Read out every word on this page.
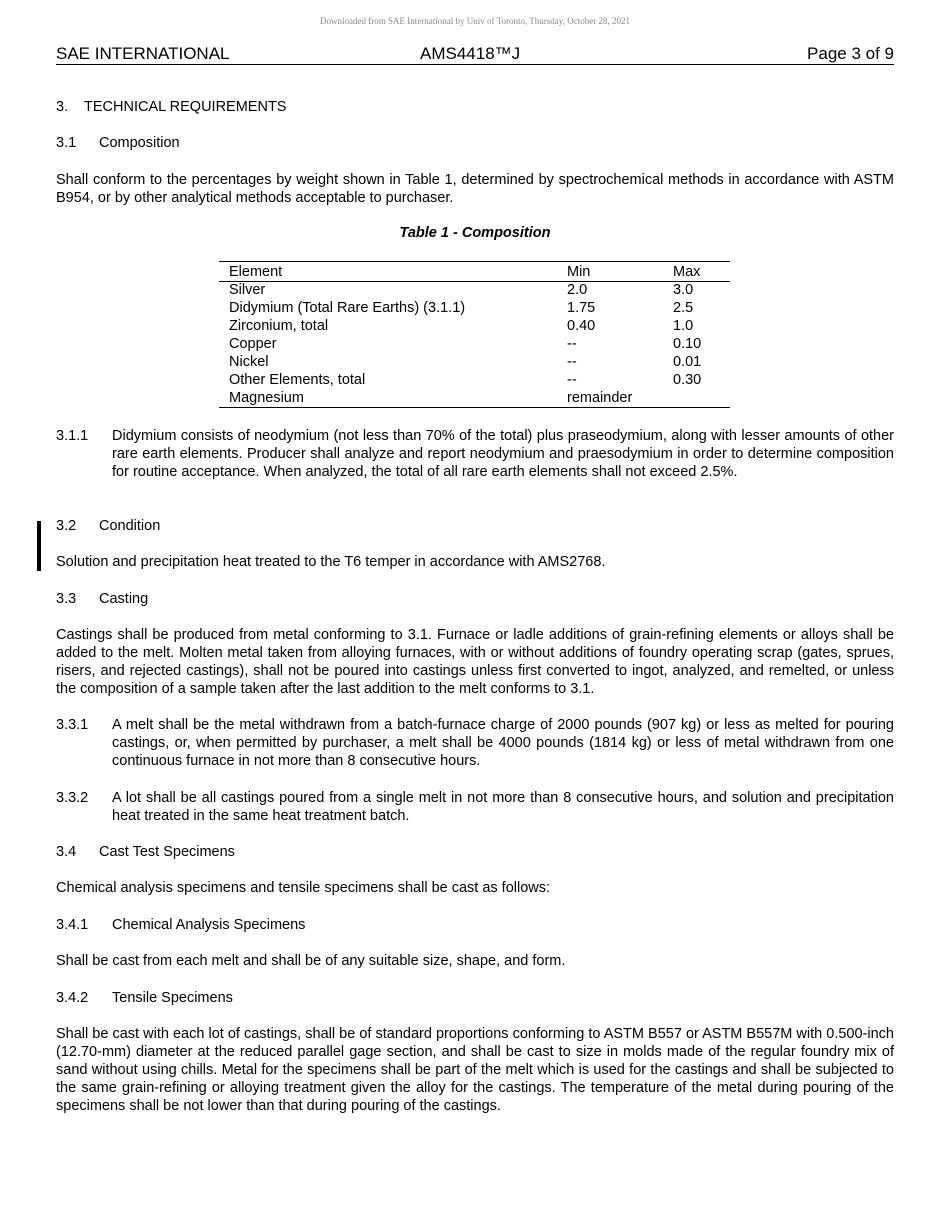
Downloaded from SAE International by Univ of Toronto, Thursday, October 28, 2021
SAE INTERNATIONAL	AMS4418™J	Page 3 of 9
3. TECHNICAL REQUIREMENTS
3.1 Composition
Shall conform to the percentages by weight shown in Table 1, determined by spectrochemical methods in accordance with ASTM B954, or by other analytical methods acceptable to purchaser.
Table 1 - Composition
Element	Min	Max
Silver	2.0	3.0
Didymium (Total Rare Earths) (3.1.1)	1.75	2.5
Zirconium, total	0.40	1.0
Copper	--	0.10
Nickel	--	0.01
Other Elements, total	--	0.30
Magnesium	remainder	
3.1.1 Didymium consists of neodymium (not less than 70% of the total) plus praseodymium, along with lesser amounts of other rare earth elements. Producer shall analyze and report neodymium and praesodymium in order to determine composition for routine acceptance. When analyzed, the total of all rare earth elements shall not exceed 2.5%.
3.2 Condition
Solution and precipitation heat treated to the T6 temper in accordance with AMS2768.
3.3 Casting
Castings shall be produced from metal conforming to 3.1. Furnace or ladle additions of grain-refining elements or alloys shall be added to the melt. Molten metal taken from alloying furnaces, with or without additions of foundry operating scrap (gates, sprues, risers, and rejected castings), shall not be poured into castings unless first converted to ingot, analyzed, and remelted, or unless the composition of a sample taken after the last addition to the melt conforms to 3.1.
3.3.1 A melt shall be the metal withdrawn from a batch-furnace charge of 2000 pounds (907 kg) or less as melted for pouring castings, or, when permitted by purchaser, a melt shall be 4000 pounds (1814 kg) or less of metal withdrawn from one continuous furnace in not more than 8 consecutive hours.
3.3.2 A lot shall be all castings poured from a single melt in not more than 8 consecutive hours, and solution and precipitation heat treated in the same heat treatment batch.
3.4 Cast Test Specimens
Chemical analysis specimens and tensile specimens shall be cast as follows:
3.4.1 Chemical Analysis Specimens
Shall be cast from each melt and shall be of any suitable size, shape, and form.
3.4.2 Tensile Specimens
Shall be cast with each lot of castings, shall be of standard proportions conforming to ASTM B557 or ASTM B557M with 0.500-inch (12.70-mm) diameter at the reduced parallel gage section, and shall be cast to size in molds made of the regular foundry mix of sand without using chills. Metal for the specimens shall be part of the melt which is used for the castings and shall be subjected to the same grain-refining or alloying treatment given the alloy for the castings. The temperature of the metal during pouring of the specimens shall be not lower than that during pouring of the castings.
